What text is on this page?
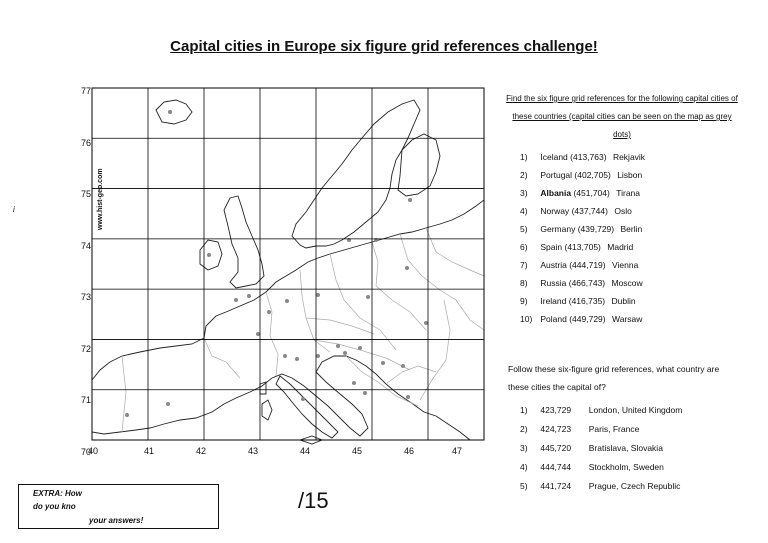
Capital cities in Europe six figure grid references challenge!
i	www.hist-geo.com
40	41	42	43	44	45	46	47
77
76
75
74
73
72
71
70
Find the six figure grid references for the following capital cities of these countries (capital cities can be seen on the map as grey dots)
1) Iceland (413,763) Rekjavik
2) Portugal (402,705) Lisbon
3) Albania (451,704) Tirana
4) Norway (437,744) Oslo
5) Germany (439,729) Berlin
6) Spain (413,705) Madrid
7) Austria (444,719) Vienna
8) Russia (466,743) Moscow
9) Ireland (416,735) Dublin
10) Poland (449,729) Warsaw
Follow these six-figure grid references, what country are these cities the capital of?
1) 423,729 London, United Kingdom
2) 424,723 Paris, France
3) 445,720 Bratislava, Slovakia
4) 444,744 Stockholm, Sweden
5) 441,724 Prague, Czech Republic
EXTRA: How
do you kno
your answers!
/15
